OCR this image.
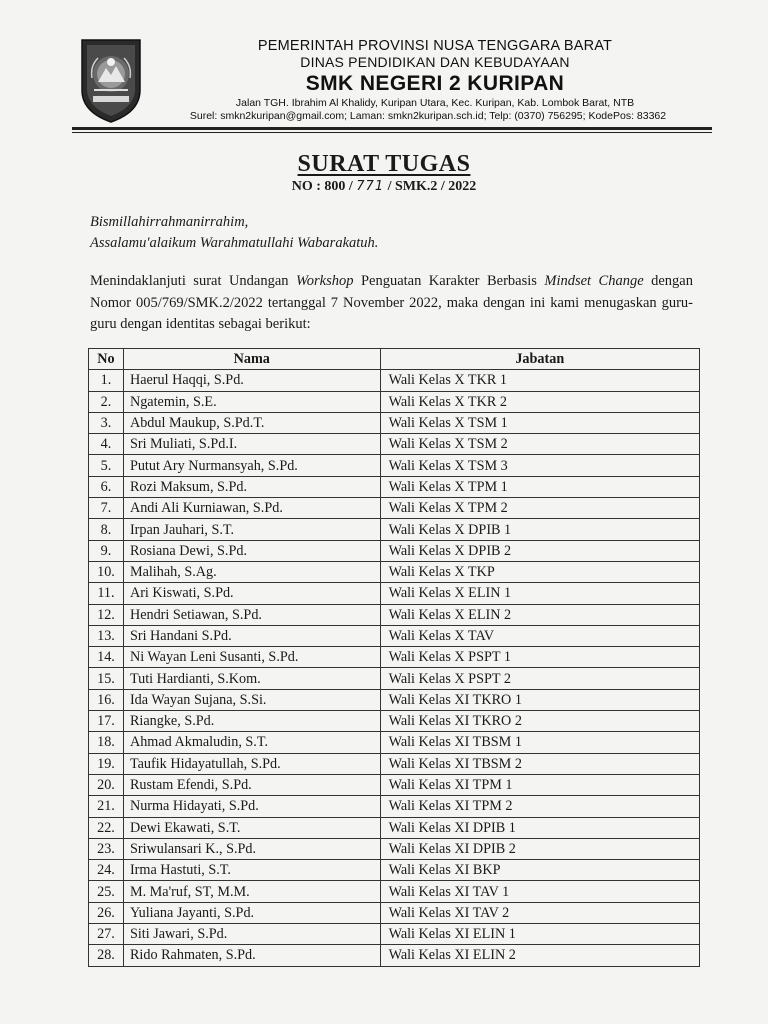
PEMERINTAH PROVINSI NUSA TENGGARA BARAT
DINAS PENDIDIKAN DAN KEBUDAYAAN
SMK NEGERI 2 KURIPAN
Jalan TGH. Ibrahim Al Khalidy, Kuripan Utara, Kec. Kuripan, Kab. Lombok Barat, NTB
Surel: smkn2kuripan@gmail.com; Laman: smkn2kuripan.sch.id; Telp: (0370) 756295; KodePos: 83362
SURAT TUGAS
NO : 800 / 771 / SMK.2 / 2022
Bismillahirrahmanirrahim,
Assalamu'alaikum Warahmatullahi Wabarakatuh.
Menindaklanjuti surat Undangan Workshop Penguatan Karakter Berbasis Mindset Change dengan Nomor 005/769/SMK.2/2022 tertanggal 7 November 2022, maka dengan ini kami menugaskan guru-guru dengan identitas sebagai berikut:
No	Nama	Jabatan
1.	Haerul Haqqi, S.Pd.	Wali Kelas X TKR 1
2.	Ngatemin, S.E.	Wali Kelas X TKR 2
3.	Abdul Maukup, S.Pd.T.	Wali Kelas X TSM 1
4.	Sri Muliati, S.Pd.I.	Wali Kelas X TSM 2
5.	Putut Ary Nurmansyah, S.Pd.	Wali Kelas X TSM 3
6.	Rozi Maksum, S.Pd.	Wali Kelas X TPM 1
7.	Andi Ali Kurniawan, S.Pd.	Wali Kelas X TPM 2
8.	Irpan Jauhari, S.T.	Wali Kelas X DPIB 1
9.	Rosiana Dewi, S.Pd.	Wali Kelas X DPIB 2
10.	Malihah, S.Ag.	Wali Kelas X TKP
11.	Ari Kiswati, S.Pd.	Wali Kelas X ELIN 1
12.	Hendri Setiawan, S.Pd.	Wali Kelas X ELIN 2
13.	Sri Handani S.Pd.	Wali Kelas X TAV
14.	Ni Wayan Leni Susanti, S.Pd.	Wali Kelas X PSPT 1
15.	Tuti Hardianti, S.Kom.	Wali Kelas X PSPT 2
16.	Ida Wayan Sujana, S.Si.	Wali Kelas XI TKRO 1
17.	Riangke, S.Pd.	Wali Kelas XI TKRO 2
18.	Ahmad Akmaludin, S.T.	Wali Kelas XI TBSM 1
19.	Taufik Hidayatullah, S.Pd.	Wali Kelas XI TBSM 2
20.	Rustam Efendi, S.Pd.	Wali Kelas XI TPM 1
21.	Nurma Hidayati, S.Pd.	Wali Kelas XI TPM 2
22.	Dewi Ekawati, S.T.	Wali Kelas XI DPIB 1
23.	Sriwulansari K., S.Pd.	Wali Kelas XI DPIB 2
24.	Irma Hastuti, S.T.	Wali Kelas XI BKP
25.	M. Ma'ruf, ST, M.M.	Wali Kelas XI TAV 1
26.	Yuliana Jayanti, S.Pd.	Wali Kelas XI TAV 2
27.	Siti Jawari, S.Pd.	Wali Kelas XI ELIN 1
28.	Rido Rahmaten, S.Pd.	Wali Kelas XI ELIN 2
